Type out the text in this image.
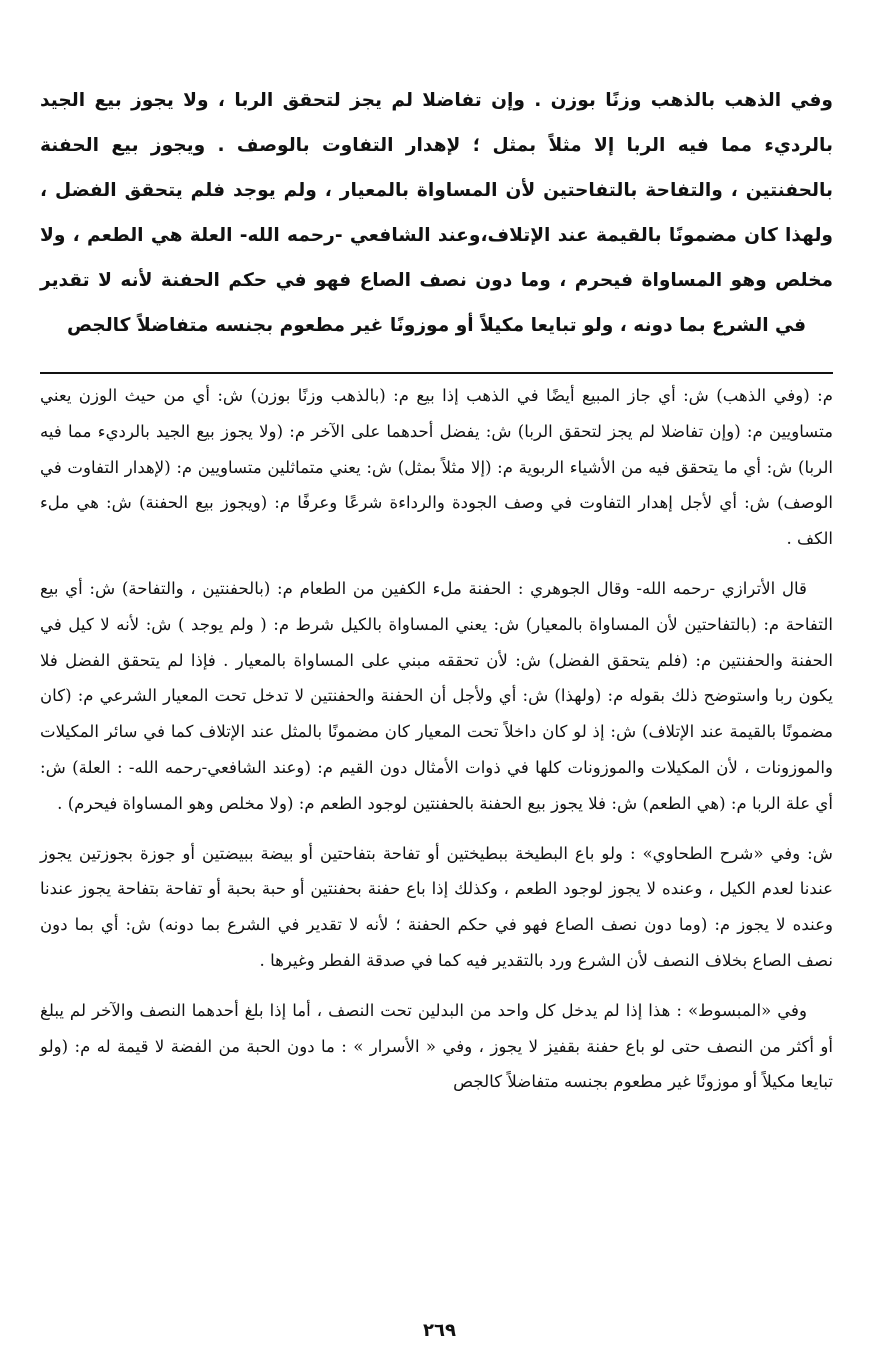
وفي الذهب بالذهب وزنًا بوزن . وإن تفاضلا لم يجز لتحقق الربا ، ولا يجوز بيع الجيد بالرديء مما فيه الربا إلا مثلاً بمثل ؛ لإهدار التفاوت بالوصف . ويجوز بيع الحفنة بالحفنتين ، والتفاحة بالتفاحتين لأن المساواة بالمعيار ، ولم يوجد فلم يتحقق الفضل ، ولهذا كان مضمونًا بالقيمة عند الإتلاف،وعند الشافعي -رحمه الله- العلة هي الطعم ، ولا مخلص وهو المساواة فيحرم ، وما دون نصف الصاع فهو في حكم الحفنة لأنه لا تقدير في الشرع بما دونه ، ولو تبايعا مكيلاً أو موزونًا غير مطعوم بجنسه متفاضلاً كالجص

م: (وفي الذهب) ش: أي جاز المبيع أيضًا في الذهب إذا بيع م: (بالذهب وزنًا بوزن) ش: أي من حيث الوزن يعني متساويين م: (وإن تفاضلا لم يجز لتحقق الربا) ش: يفضل أحدهما على الآخر م: (ولا يجوز بيع الجيد بالرديء مما فيه الربا) ش: أي ما يتحقق فيه من الأشياء الربوية م: (إلا مثلاً بمثل) ش: يعني متماثلين متساويين م: (لإهدار التفاوت في الوصف) ش: أي لأجل إهدار التفاوت في وصف الجودة والرداءة شرعًا وعرفًا م: (ويجوز بيع الحفنة) ش: هي ملء الكف .

قال الأترازي -رحمه الله- وقال الجوهري : الحفنة ملء الكفين من الطعام م: (بالحفنتين ، والتفاحة) ش: أي بيع التفاحة م: (بالتفاحتين لأن المساواة بالمعيار) ش: يعني المساواة بالكيل شرط م: ( ولم يوجد ) ش: لأنه لا كيل في الحفنة والحفنتين م: (فلم يتحقق الفضل) ش: لأن تحققه مبني على المساواة بالمعيار . فإذا لم يتحقق الفضل فلا يكون ربا واستوضح ذلك بقوله م: (ولهذا) ش: أي ولأجل أن الحفنة والحفنتين لا تدخل تحت المعيار الشرعي م: (كان مضمونًا بالقيمة عند الإتلاف) ش: إذ لو كان داخلاً تحت المعيار كان مضمونًا بالمثل عند الإتلاف كما في سائر المكيلات والموزونات ، لأن المكيلات والموزونات كلها في ذوات الأمثال دون القيم م: (وعند الشافعي-رحمه الله- : العلة) ش: أي علة الربا م: (هي الطعم) ش: فلا يجوز بيع الحفنة بالحفنتين لوجود الطعم م: (ولا مخلص وهو المساواة فيحرم) .

ش: وفي «شرح الطحاوي» : ولو باع البطيخة ببطيختين أو تفاحة بتفاحتين أو بيضة ببيضتين أو جوزة بجوزتين يجوز عندنا لعدم الكيل ، وعنده لا يجوز لوجود الطعم ، وكذلك إذا باع حفنة بحفنتين أو حبة بحبة أو تفاحة بتفاحة يجوز عندنا وعنده لا يجوز م: (وما دون نصف الصاع فهو في حكم الحفنة ؛ لأنه لا تقدير في الشرع بما دونه) ش: أي بما دون نصف الصاع بخلاف النصف لأن الشرع ورد بالتقدير فيه كما في صدقة الفطر وغيرها .

وفي «المبسوط» : هذا إذا لم يدخل كل واحد من البدلين تحت النصف ، أما إذا بلغ أحدهما النصف والآخر لم يبلغ أو أكثر من النصف حتى لو باع حفنة بقفيز لا يجوز ، وفي « الأسرار » : ما دون الحبة من الفضة لا قيمة له م: (ولو تبايعا مكيلاً أو موزونًا غير مطعوم بجنسه متفاضلاً كالجص

٢٦٩
